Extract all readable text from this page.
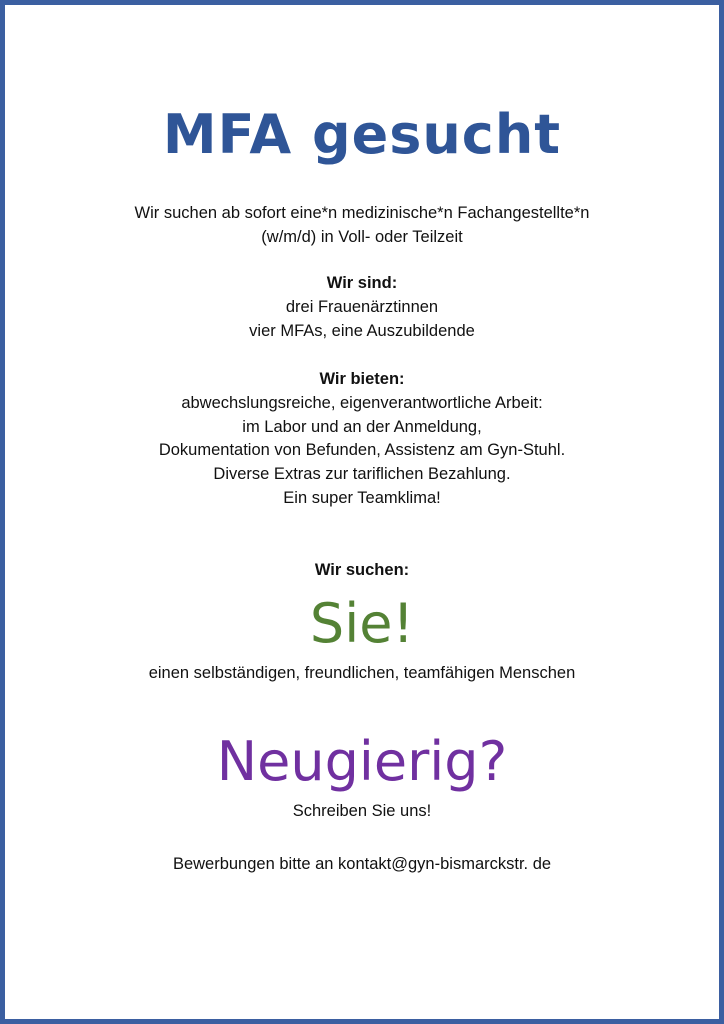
MFA gesucht
Wir suchen ab sofort eine*n medizinische*n Fachangestellte*n
(w/m/d) in Voll- oder Teilzeit
Wir sind:
drei Frauenärztinnen
vier MFAs, eine Auszubildende
Wir bieten:
abwechslungsreiche, eigenverantwortliche Arbeit:
im Labor und an der Anmeldung,
Dokumentation von Befunden, Assistenz am Gyn-Stuhl.
Diverse Extras zur tariflichen Bezahlung.
Ein super Teamklima!
Wir suchen:
Sie!
einen selbständigen, freundlichen, teamfähigen Menschen
Neugierig?
Schreiben Sie uns!
Bewerbungen bitte an kontakt@gyn-bismarckstr. de
